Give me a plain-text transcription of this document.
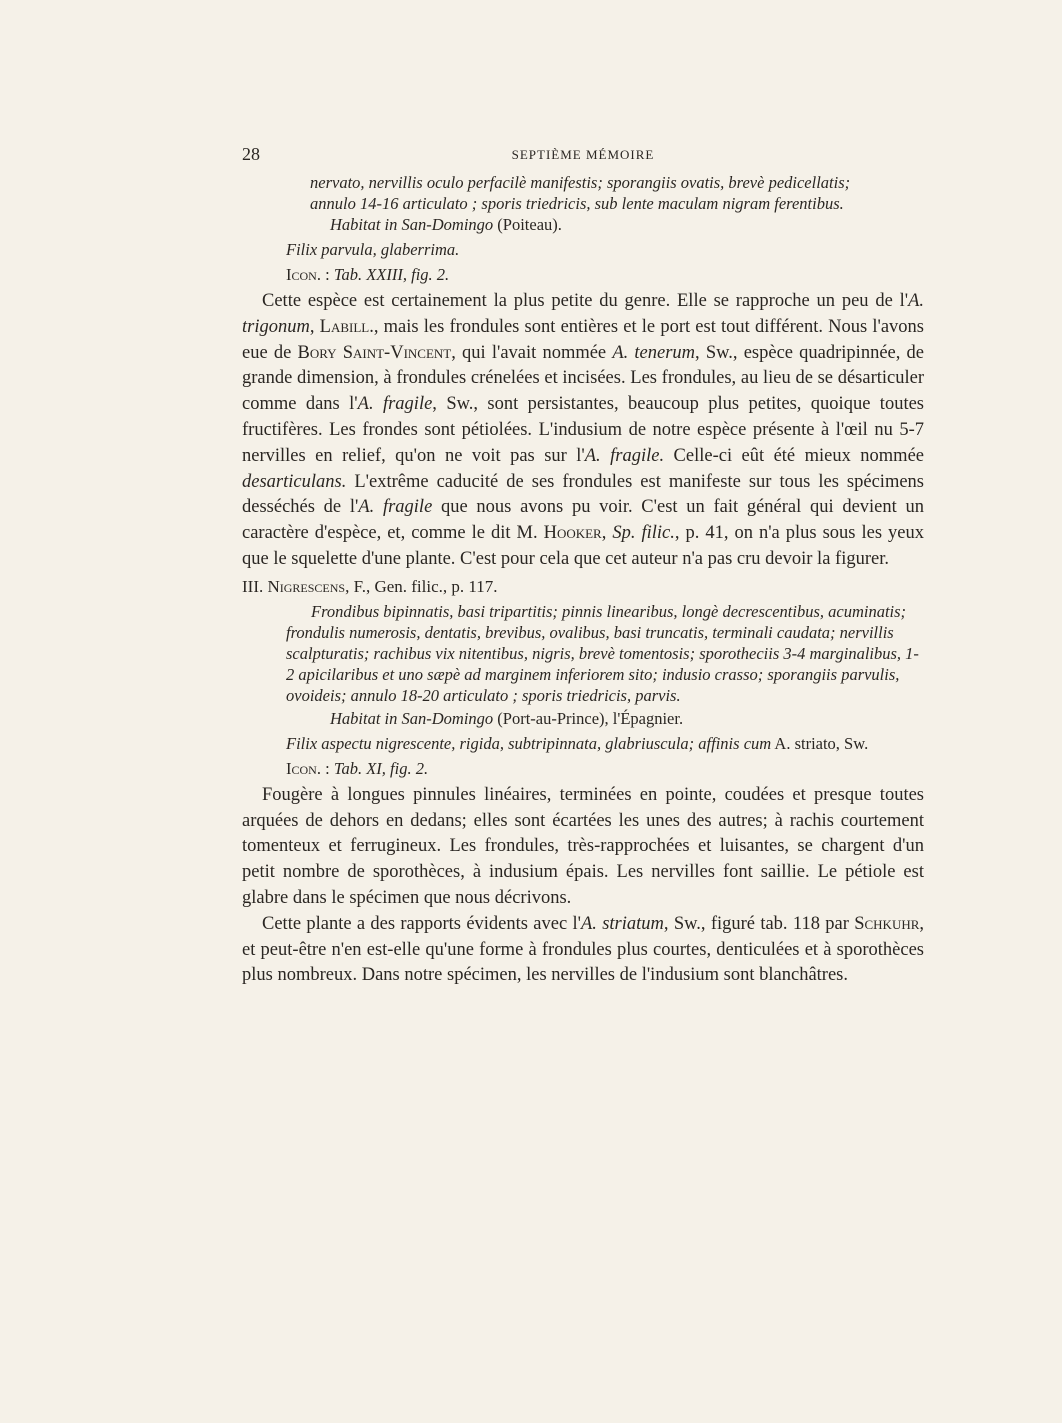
28	SEPTIÈME MÉMOIRE

nervato, nervillis oculo perfacilè manifestis; sporangiis ovatis, brevè pedicellatis;
annulo 14-16 articulato ; sporis triedricis, sub lente maculam nigram ferentibus.

Habitat in San-Domingo (Poiteau).

Filix parvula, glaberrima.

Icon. : Tab. XXIII, fig. 2.

Cette espèce est certainement la plus petite du genre. Elle se rapproche un peu de l'A. trigonum, Labill., mais les frondules sont entières et le port est tout différent. Nous l'avons eue de Bory Saint-Vincent, qui l'avait nommée A. tenerum, Sw., espèce quadripinnée, de grande dimension, à frondules crénelées et incisées. Les frondules, au lieu de se désarticuler comme dans l'A. fragile, Sw., sont persistantes, beaucoup plus petites, quoique toutes fructifères. Les frondes sont pétiolées. L'indusium de notre espèce présente à l'œil nu 5-7 nervilles en relief, qu'on ne voit pas sur l'A. fragile. Celle-ci eût été mieux nommée desarticulans. L'extrême caducité de ses frondules est manifeste sur tous les spécimens desséchés de l'A. fragile que nous avons pu voir. C'est un fait général qui devient un caractère d'espèce, et, comme le dit M. Hooker, Sp. filic., p. 41, on n'a plus sous les yeux que le squelette d'une plante. C'est pour cela que cet auteur n'a pas cru devoir la figurer.

III. Nigrescens, F., Gen. filic., p. 117.

Frondibus bipinnatis, basi tripartitis; pinnis linearibus, longè decrescentibus, acuminatis; frondulis numerosis, dentatis, brevibus, ovalibus, basi truncatis, terminali caudata; nervillis scalpturatis; rachibus vix nitentibus, nigris, brevè tomentosis; sporotheciis 3-4 marginalibus, 1-2 apicilaribus et uno sæpè ad marginem inferiorem sito; indusio crasso; sporangiis parvulis, ovoideis; annulo 18-20 articulato ; sporis triedricis, parvis.

Habitat in San-Domingo (Port-au-Prince), l'Épagnier.

Filix aspectu nigrescente, rigida, subtripinnata, glabriuscula; affinis cum A. striato, Sw.

Icon. : Tab. XI, fig. 2.

Fougère à longues pinnules linéaires, terminées en pointe, coudées et presque toutes arquées de dehors en dedans; elles sont écartées les unes des autres; à rachis courtement tomenteux et ferrugineux. Les frondules, très-rapprochées et luisantes, se chargent d'un petit nombre de sporothèces, à indusium épais. Les nervilles font saillie. Le pétiole est glabre dans le spécimen que nous décrivons.

Cette plante a des rapports évidents avec l'A. striatum, Sw., figuré tab. 118 par Schkuhr, et peut-être n'en est-elle qu'une forme à frondules plus courtes, denticulées et à sporothèces plus nombreux. Dans notre spécimen, les nervilles de l'indusium sont blanchâtres.
